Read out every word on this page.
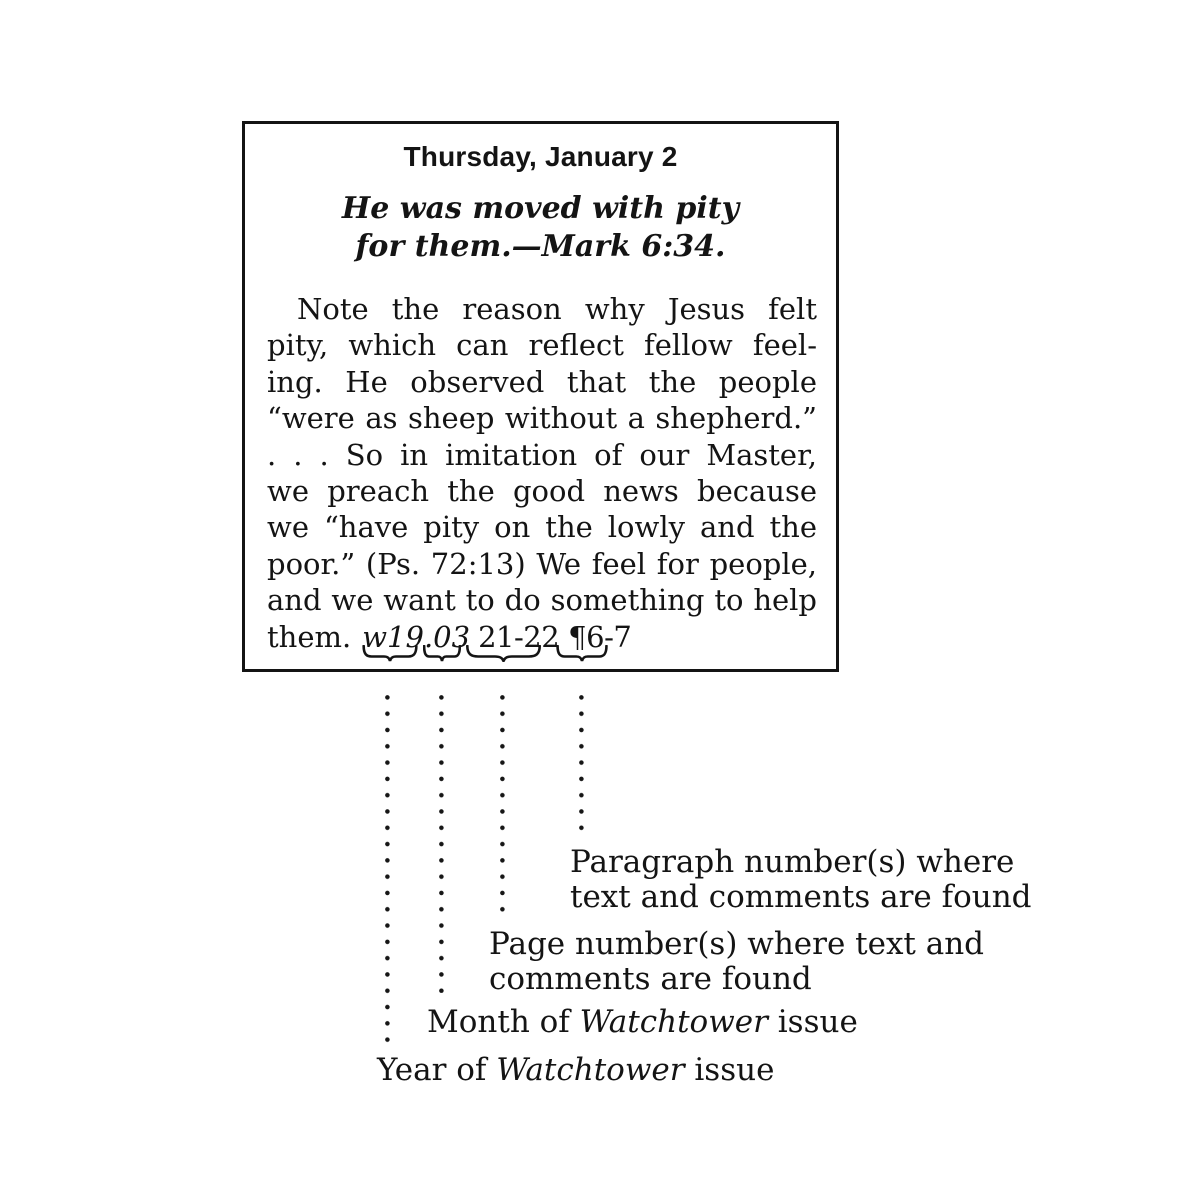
Thursday, January 2
He was moved with pity
for them.—Mark 6:34.
Note the reason why Jesus felt
pity, which can reflect fellow feel-
ing. He observed that the people
“were as sheep without a shepherd.”
. . . So in imitation of our Master,
we preach the good news because
we “have pity on the lowly and the
poor.” (Ps. 72:13) We feel for people,
and we want to do something to help
them. w19.03 21-22 ¶6-7
Paragraph number(s) where
text and comments are found
Page number(s) where text and
comments are found
Month of Watchtower issue
Year of Watchtower issue
